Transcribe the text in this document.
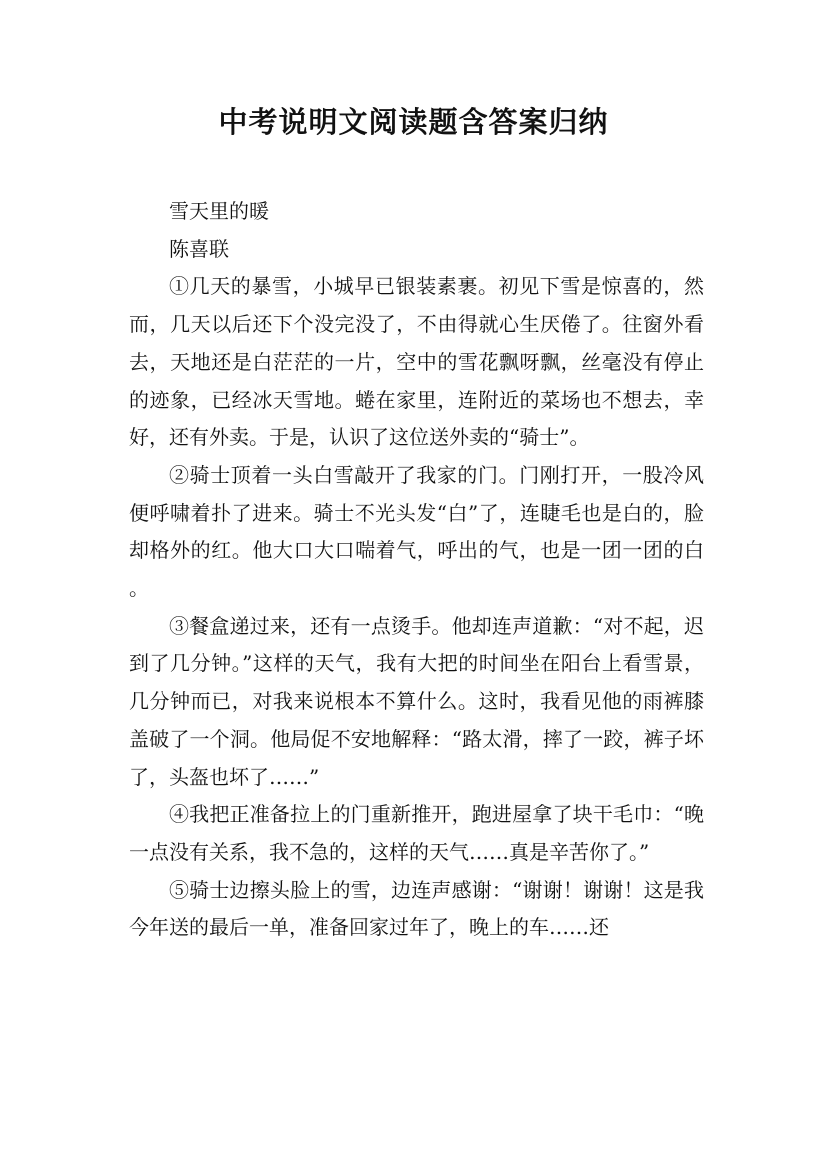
中考说明文阅读题含答案归纳

雪天里的暖

陈喜联

①几天的暴雪，小城早已银装素裹。初见下雪是惊喜的，然而，几天以后还下个没完没了，不由得就心生厌倦了。往窗外看去，天地还是白茫茫的一片，空中的雪花飘呀飘，丝毫没有停止的迹象，已经冰天雪地。蜷在家里，连附近的菜场也不想去，幸好，还有外卖。于是，认识了这位送外卖的“骑士”。

②骑士顶着一头白雪敲开了我家的门。门刚打开，一股冷风便呼啸着扑了进来。骑士不光头发“白”了，连睫毛也是白的，脸却格外的红。他大口大口喘着气，呼出的气，也是一团一团的白。

③餐盒递过来，还有一点烫手。他却连声道歉：“对不起，迟到了几分钟。”这样的天气，我有大把的时间坐在阳台上看雪景，几分钟而已，对我来说根本不算什么。这时，我看见他的雨裤膝盖破了一个洞。他局促不安地解释：“路太滑，摔了一跤，裤子坏了，头盔也坏了……”

④我把正准备拉上的门重新推开，跑进屋拿了块干毛巾：“晚一点没有关系，我不急的，这样的天气……真是辛苦你了。”

⑤骑士边擦头脸上的雪，边连声感谢：“谢谢！谢谢！这是我今年送的最后一单，准备回家过年了，晚上的车……还
